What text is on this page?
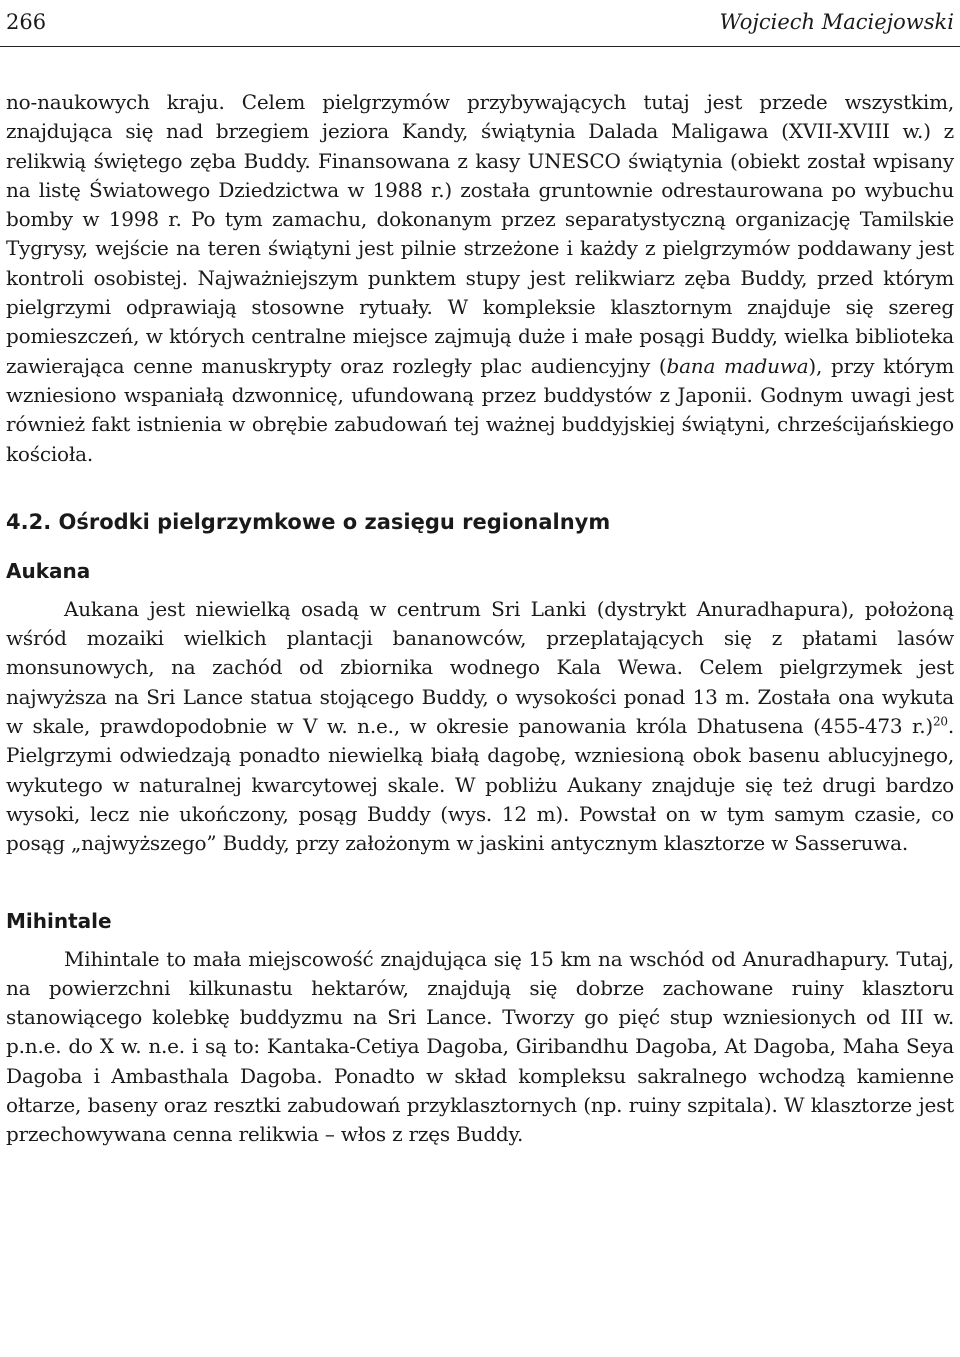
266	Wojciech Maciejowski

no-naukowych kraju. Celem pielgrzymów przybywających tutaj jest przede wszystkim, znajdująca się nad brzegiem jeziora Kandy, świątynia Dalada Maligawa (XVII-XVIII w.) z relikwią świętego zęba Buddy. Finansowana z kasy UNESCO świątynia (obiekt został wpisany na listę Światowego Dziedzictwa w 1988 r.) została gruntownie odrestaurowana po wybuchu bomby w 1998 r. Po tym zamachu, dokonanym przez separatystyczną organizację Tamilskie Tygrysy, wejście na teren świątyni jest pilnie strzeżone i każdy z pielgrzymów poddawany jest kontroli osobistej. Najważniejszym punktem stupy jest relikwiarz zęba Buddy, przed którym pielgrzymi odprawiają stosowne rytuały. W kompleksie klasztornym znajduje się szereg pomieszczeń, w których centralne miejsce zajmują duże i małe posągi Buddy, wielka biblioteka zawierająca cenne manuskrypty oraz rozległy plac audiencyjny (bana maduwa), przy którym wzniesiono wspaniałą dzwonnicę, ufundowaną przez buddystów z Japonii. Godnym uwagi jest również fakt istnienia w obrębie zabudowań tej ważnej buddyjskiej świątyni, chrześcijańskiego kościoła.

4.2. Ośrodki pielgrzymkowe o zasięgu regionalnym
Aukana

Aukana jest niewielką osadą w centrum Sri Lanki (dystrykt Anuradhapura), położoną wśród mozaiki wielkich plantacji bananowców, przeplatających się z płatami lasów monsunowych, na zachód od zbiornika wodnego Kala Wewa. Celem pielgrzymek jest najwyższa na Sri Lance statua stojącego Buddy, o wysokości ponad 13 m. Została ona wykuta w skale, prawdopodobnie w V w. n.e., w okresie panowania króla Dhatusena (455-473 r.)$^{20}$. Pielgrzymi odwiedzają ponadto niewielką białą dagobę, wzniesioną obok basenu ablucyjnego, wykutego w naturalnej kwarcytowej skale. W pobliżu Aukany znajduje się też drugi bardzo wysoki, lecz nie ukończony, posąg Buddy (wys. 12 m). Powstał on w tym samym czasie, co posąg „najwyższego” Buddy, przy założonym w jaskini antycznym klasztorze w Sasseruwa.

Mihintale

Mihintale to mała miejscowość znajdująca się 15 km na wschód od Anuradhapury. Tutaj, na powierzchni kilkunastu hektarów, znajdują się dobrze zachowane ruiny klasztoru stanowiącego kolebkę buddyzmu na Sri Lance. Tworzy go pięć stup wzniesionych od III w. p.n.e. do X w. n.e. i są to: Kantaka-Cetiya Dagoba, Giribandhu Dagoba, At Dagoba, Maha Seya Dagoba i Ambasthala Dagoba. Ponadto w skład kompleksu sakralnego wchodzą kamienne ołtarze, baseny oraz resztki zabudowań przyklasztornych (np. ruiny szpitala). W klasztorze jest przechowywana cenna relikwia – włos z rzęs Buddy.
